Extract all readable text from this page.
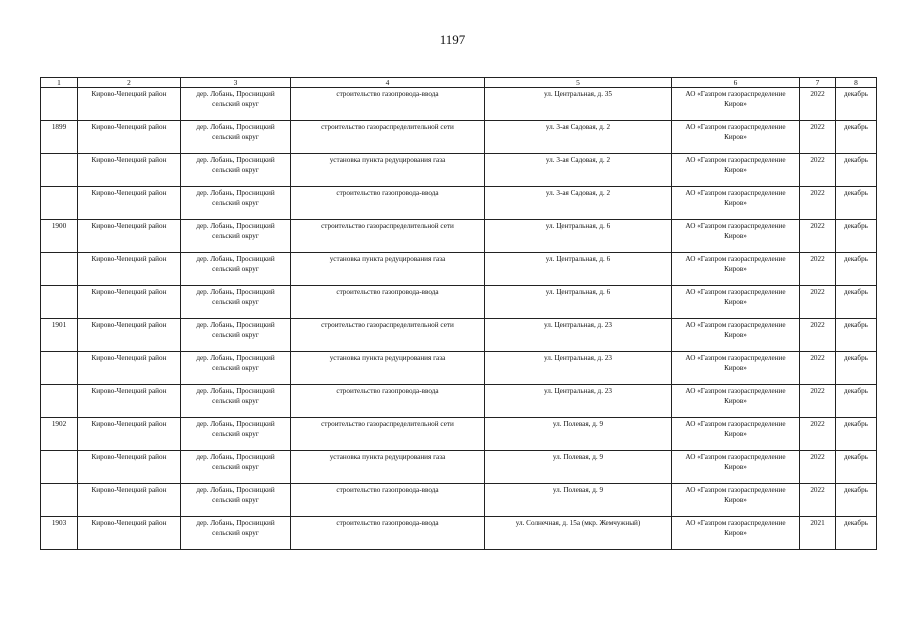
1197
1	2	3	4	5	6	7	8
	Кирово-Чепецкий район	дер. Лобань, Просницкий сельский округ	строительство газопровода-ввода	ул. Центральная, д. 35	АО «Газпром газораспределение Киров»	2022	декабрь
1899	Кирово-Чепецкий район	дер. Лобань, Просницкий сельский округ	строительство газораспределительной сети	ул. 3-ая Садовая, д. 2	АО «Газпром газораспределение Киров»	2022	декабрь
	Кирово-Чепецкий район	дер. Лобань, Просницкий сельский округ	установка пункта редуцирования газа	ул. 3-ая Садовая, д. 2	АО «Газпром газораспределение Киров»	2022	декабрь
	Кирово-Чепецкий район	дер. Лобань, Просницкий сельский округ	строительство газопровода-ввода	ул. 3-ая Садовая, д. 2	АО «Газпром газораспределение Киров»	2022	декабрь
1900	Кирово-Чепецкий район	дер. Лобань, Просницкий сельский округ	строительство газораспределительной сети	ул. Центральная, д. 6	АО «Газпром газораспределение Киров»	2022	декабрь
	Кирово-Чепецкий район	дер. Лобань, Просницкий сельский округ	установка пункта редуцирования газа	ул. Центральная, д. 6	АО «Газпром газораспределение Киров»	2022	декабрь
	Кирово-Чепецкий район	дер. Лобань, Просницкий сельский округ	строительство газопровода-ввода	ул. Центральная, д. 6	АО «Газпром газораспределение Киров»	2022	декабрь
1901	Кирово-Чепецкий район	дер. Лобань, Просницкий сельский округ	строительство газораспределительной сети	ул. Центральная, д. 23	АО «Газпром газораспределение Киров»	2022	декабрь
	Кирово-Чепецкий район	дер. Лобань, Просницкий сельский округ	установка пункта редуцирования газа	ул. Центральная, д. 23	АО «Газпром газораспределение Киров»	2022	декабрь
	Кирово-Чепецкий район	дер. Лобань, Просницкий сельский округ	строительство газопровода-ввода	ул. Центральная, д. 23	АО «Газпром газораспределение Киров»	2022	декабрь
1902	Кирово-Чепецкий район	дер. Лобань, Просницкий сельский округ	строительство газораспределительной сети	ул. Полевая, д. 9	АО «Газпром газораспределение Киров»	2022	декабрь
	Кирово-Чепецкий район	дер. Лобань, Просницкий сельский округ	установка пункта редуцирования газа	ул. Полевая, д. 9	АО «Газпром газораспределение Киров»	2022	декабрь
	Кирово-Чепецкий район	дер. Лобань, Просницкий сельский округ	строительство газопровода-ввода	ул. Полевая, д. 9	АО «Газпром газораспределение Киров»	2022	декабрь
1903	Кирово-Чепецкий район	дер. Лобань, Просницкий сельский округ	строительство газопровода-ввода	ул. Солнечная, д. 15а (мкр. Жемчужный)	АО «Газпром газораспределение Киров»	2021	декабрь
